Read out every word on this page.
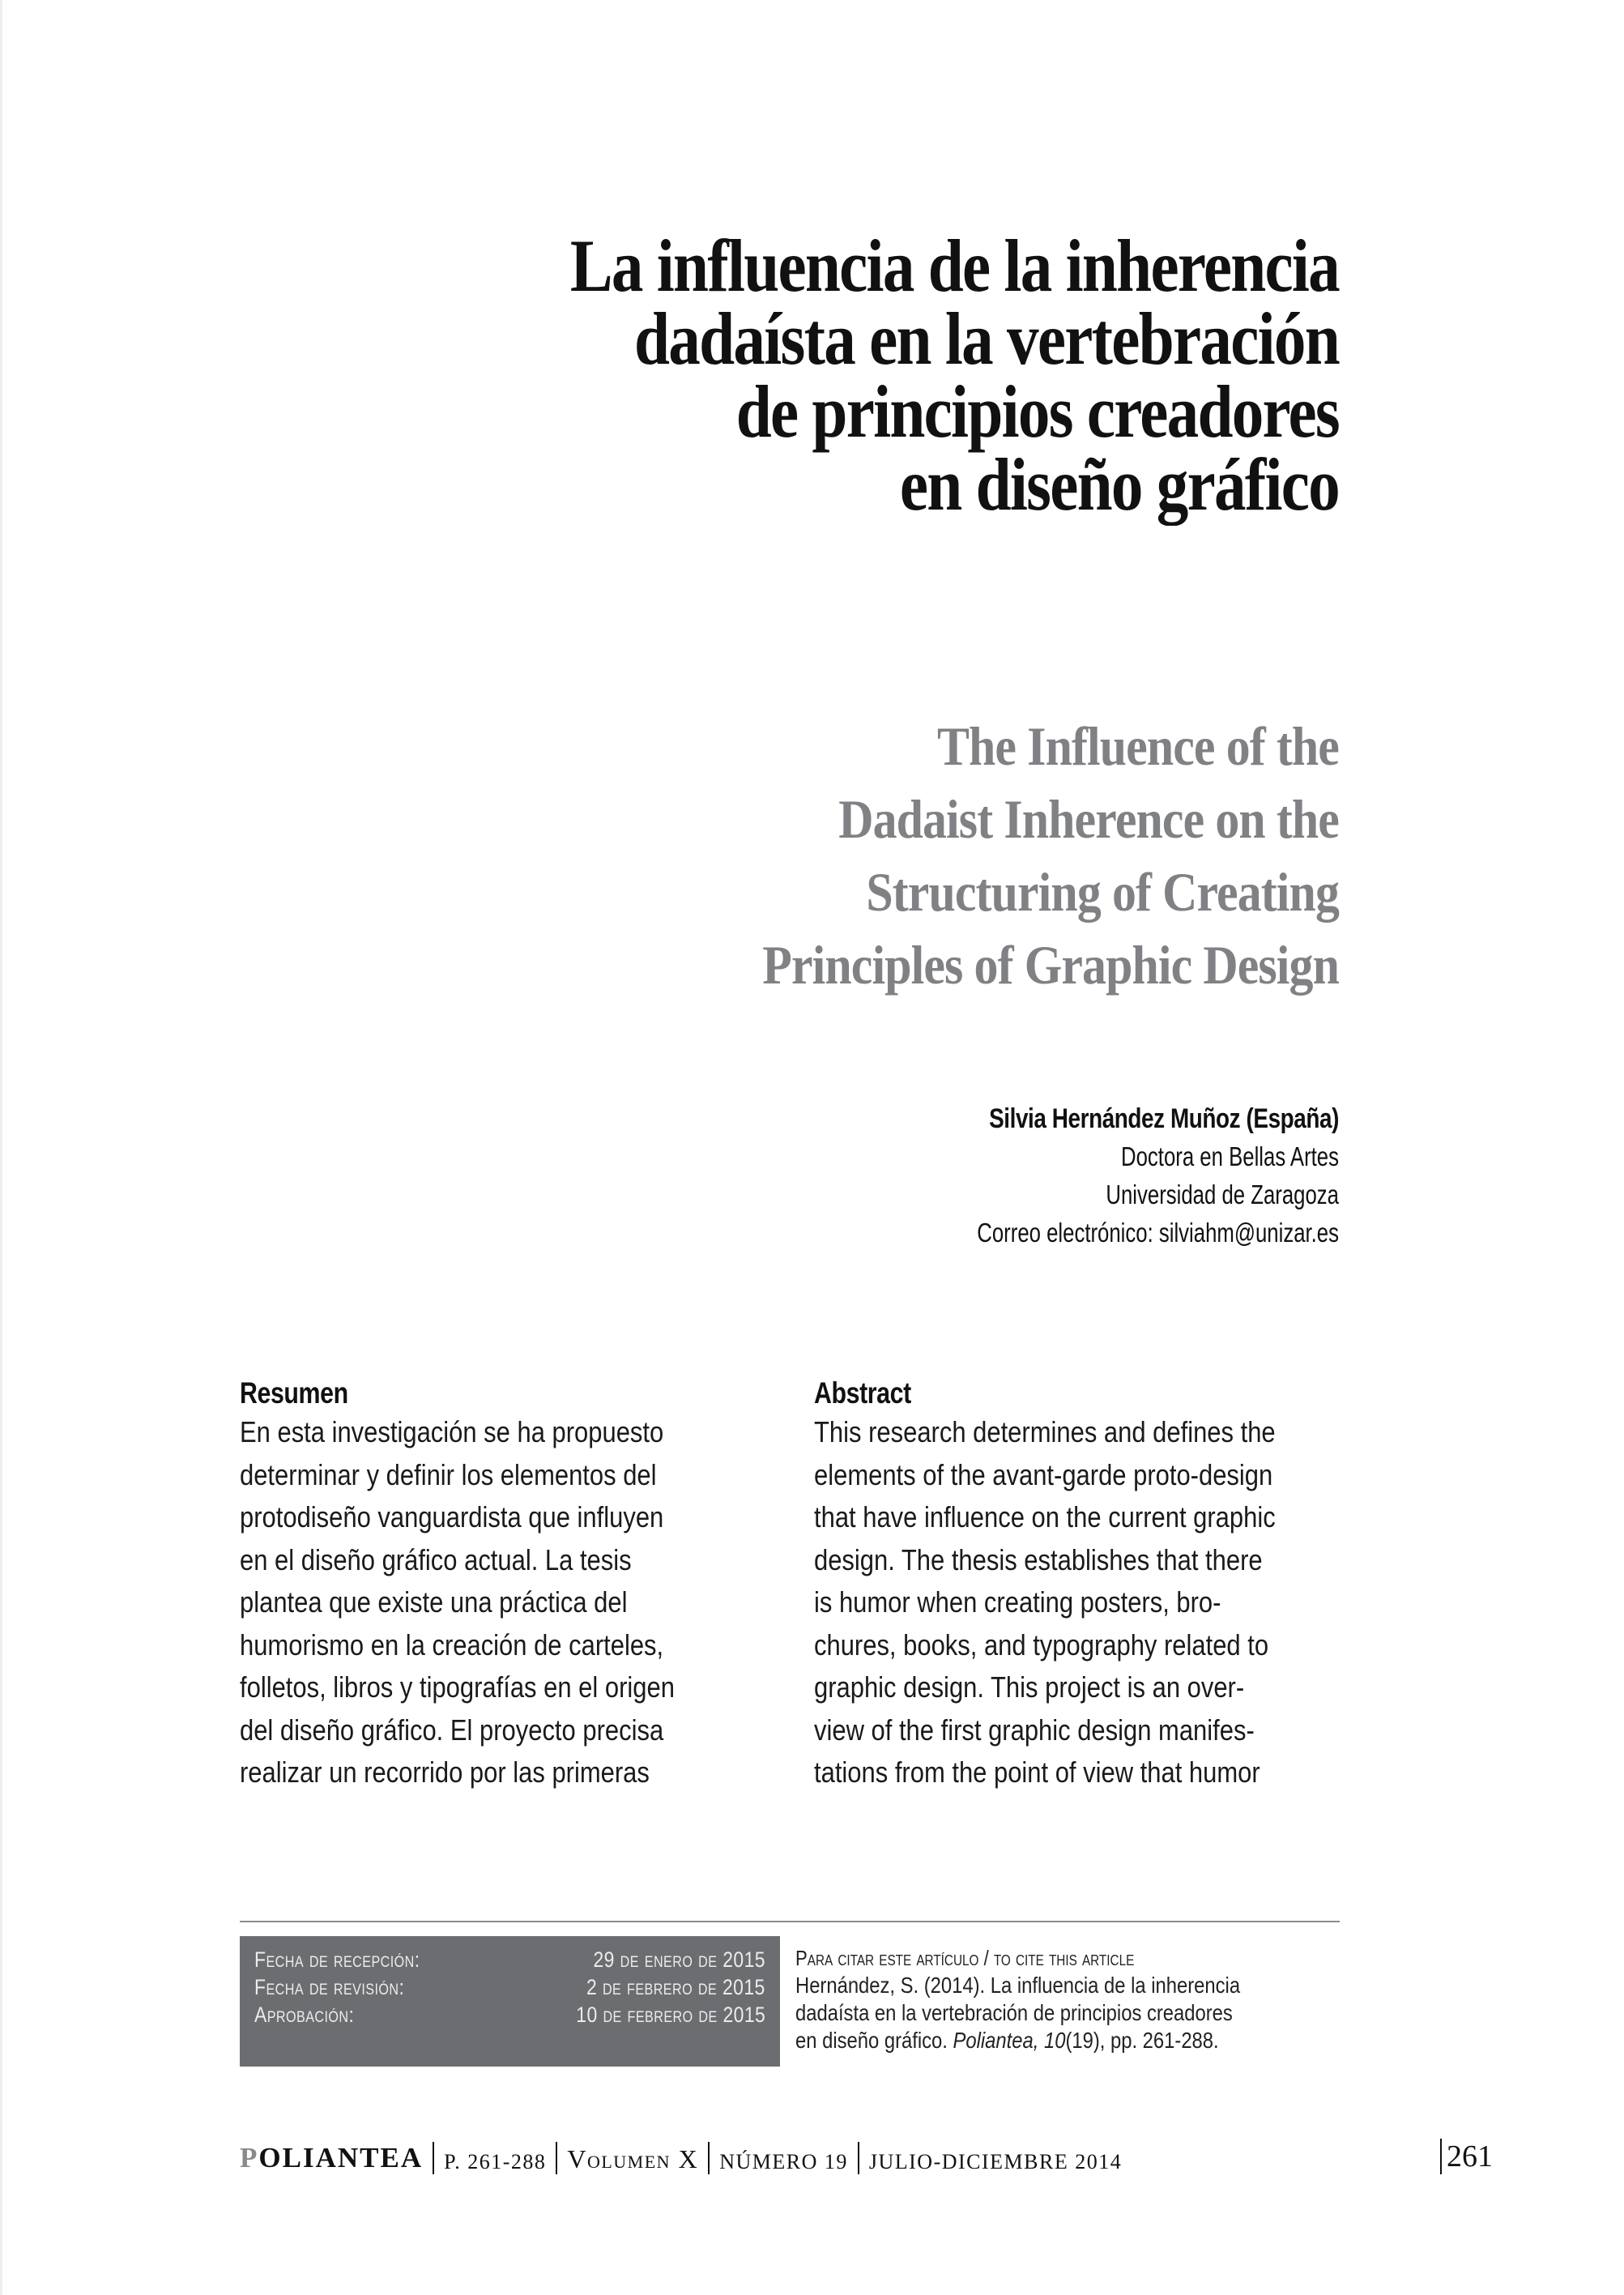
La influencia de la inherencia
dadaísta en la vertebración
de principios creadores
en diseño gráfico
The Influence of the
Dadaist Inherence on the
Structuring of Creating
Principles of Graphic Design
Silvia Hernández Muñoz (España)
Doctora en Bellas Artes
Universidad de Zaragoza
Correo electrónico: silviahm@unizar.es
Resumen
En esta investigación se ha propuesto
determinar y definir los elementos del
protodiseño vanguardista que influyen
en el diseño gráfico actual. La tesis
plantea que existe una práctica del
humorismo en la creación de carteles,
folletos, libros y tipografías en el origen
del diseño gráfico. El proyecto precisa
realizar un recorrido por las primeras
Abstract
This research determines and defines the
elements of the avant-garde proto-design
that have influence on the current graphic
design. The thesis establishes that there
is humor when creating posters, bro-
chures, books, and typography related to
graphic design. This project is an over-
view of the first graphic design manifes-
tations from the point of view that humor
Fecha de recepción:	29 de enero de 2015
Fecha de revisión:	2 de febrero de 2015
Aprobación:	10 de febrero de 2015
Para citar este artículo / to cite this article
Hernández, S. (2014). La influencia de la inherencia
dadaísta en la vertebración de principios creadores
en diseño gráfico. Poliantea, 10(19), pp. 261-288.
POLIANTEA P. 261-288 Volumen X NÚMERO 19 JULIO-DICIEMBRE 2014	261
